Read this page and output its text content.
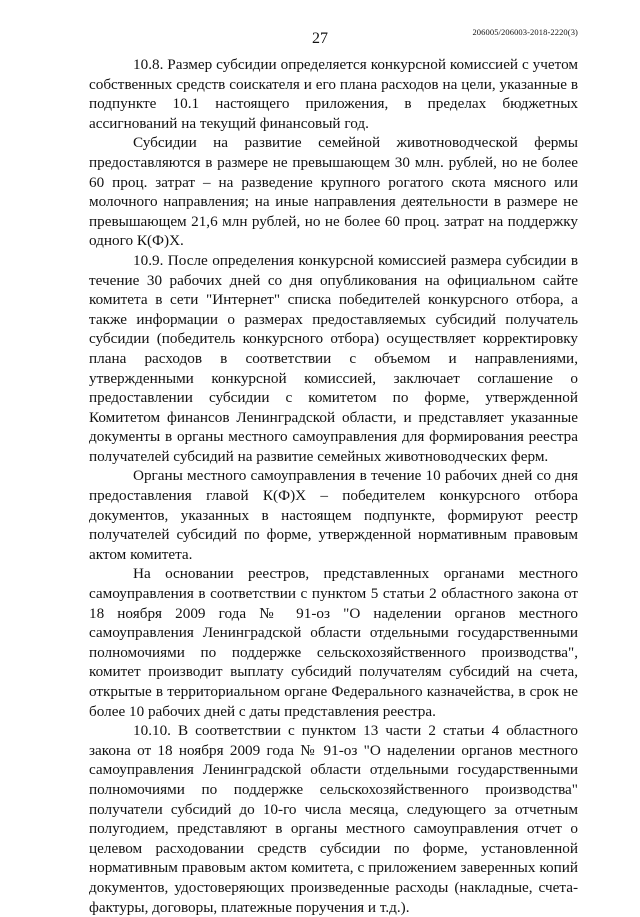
27	206005/206003-2018-2220(3)

10.8. Размер субсидии определяется конкурсной комиссией с учетом собственных средств соискателя и его плана расходов на цели, указанные в подпункте 10.1 настоящего приложения, в пределах бюджетных ассигнований на текущий финансовый год.

Субсидии на развитие семейной животноводческой фермы предоставляются в размере не превышающем 30 млн. рублей, но не более 60 проц. затрат – на разведение крупного рогатого скота мясного или молочного направления; на иные направления деятельности в размере не превышающем 21,6 млн рублей, но не более 60 проц. затрат на поддержку одного К(Ф)Х.

10.9. После определения конкурсной комиссией размера субсидии в течение 30 рабочих дней со дня опубликования на официальном сайте комитета в сети "Интернет" списка победителей конкурсного отбора, а также информации о размерах предоставляемых субсидий получатель субсидии (победитель конкурсного отбора) осуществляет корректировку плана расходов в соответствии с объемом и направлениями, утвержденными конкурсной комиссией, заключает соглашение о предоставлении субсидии с комитетом по форме, утвержденной Комитетом финансов Ленинградской области, и представляет указанные документы в органы местного самоуправления для формирования реестра получателей субсидий на развитие семейных животноводческих ферм.

Органы местного самоуправления в течение 10 рабочих дней со дня предоставления главой К(Ф)Х – победителем конкурсного отбора документов, указанных в настоящем подпункте, формируют реестр получателей субсидий по форме, утвержденной нормативным правовым актом комитета.

На основании реестров, представленных органами местного самоуправления в соответствии с пунктом 5 статьи 2 областного закона от 18 ноября 2009 года № 91-оз "О наделении органов местного самоуправления Ленинградской области отдельными государственными полномочиями по поддержке сельскохозяйственного производства", комитет производит выплату субсидий получателям субсидий на счета, открытые в территориальном органе Федерального казначейства, в срок не более 10 рабочих дней с даты представления реестра.

10.10. В соответствии с пунктом 13 части 2 статьи 4 областного закона от 18 ноября 2009 года № 91-оз "О наделении органов местного самоуправления Ленинградской области отдельными государственными полномочиями по поддержке сельскохозяйственного производства" получатели субсидий до 10-го числа месяца, следующего за отчетным полугодием, представляют в органы местного самоуправления отчет о целевом расходовании средств субсидии по форме, установленной нормативным правовым актом комитета, с приложением заверенных копий документов, удостоверяющих произведенные расходы (накладные, счета-фактуры, договоры, платежные поручения и т.д.).
